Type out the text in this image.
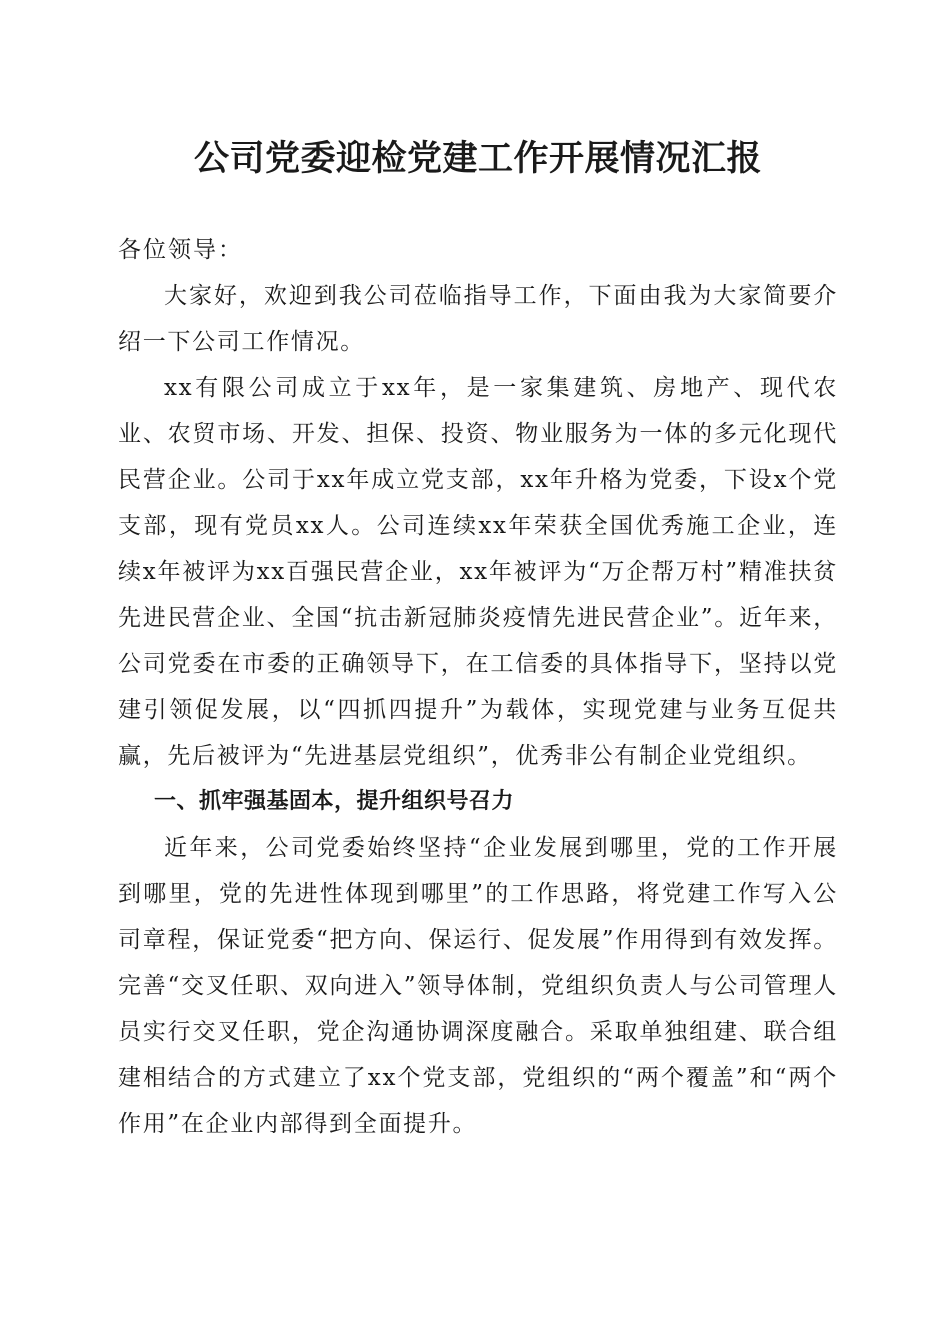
公司党委迎检党建工作开展情况汇报

各位领导：

大家好，欢迎到我公司莅临指导工作，下面由我为大家简要介绍一下公司工作情况。

xx有限公司成立于xx年，是一家集建筑、房地产、现代农业、农贸市场、开发、担保、投资、物业服务为一体的多元化现代民营企业。公司于xx年成立党支部，xx年升格为党委，下设x个党支部，现有党员xx人。公司连续xx年荣获全国优秀施工企业，连续x年被评为xx百强民营企业，xx年被评为“万企帮万村”精准扶贫先进民营企业、全国“抗击新冠肺炎疫情先进民营企业”。近年来，公司党委在市委的正确领导下，在工信委的具体指导下，坚持以党建引领促发展，以“四抓四提升”为载体，实现党建与业务互促共赢，先后被评为“先进基层党组织”，优秀非公有制企业党组织。

一、抓牢强基固本，提升组织号召力

近年来，公司党委始终坚持“企业发展到哪里，党的工作开展到哪里，党的先进性体现到哪里”的工作思路，将党建工作写入公司章程，保证党委“把方向、保运行、促发展”作用得到有效发挥。完善“交叉任职、双向进入”领导体制，党组织负责人与公司管理人员实行交叉任职，党企沟通协调深度融合。采取单独组建、联合组建相结合的方式建立了xx个党支部，党组织的“两个覆盖”和“两个作用”在企业内部得到全面提升。
